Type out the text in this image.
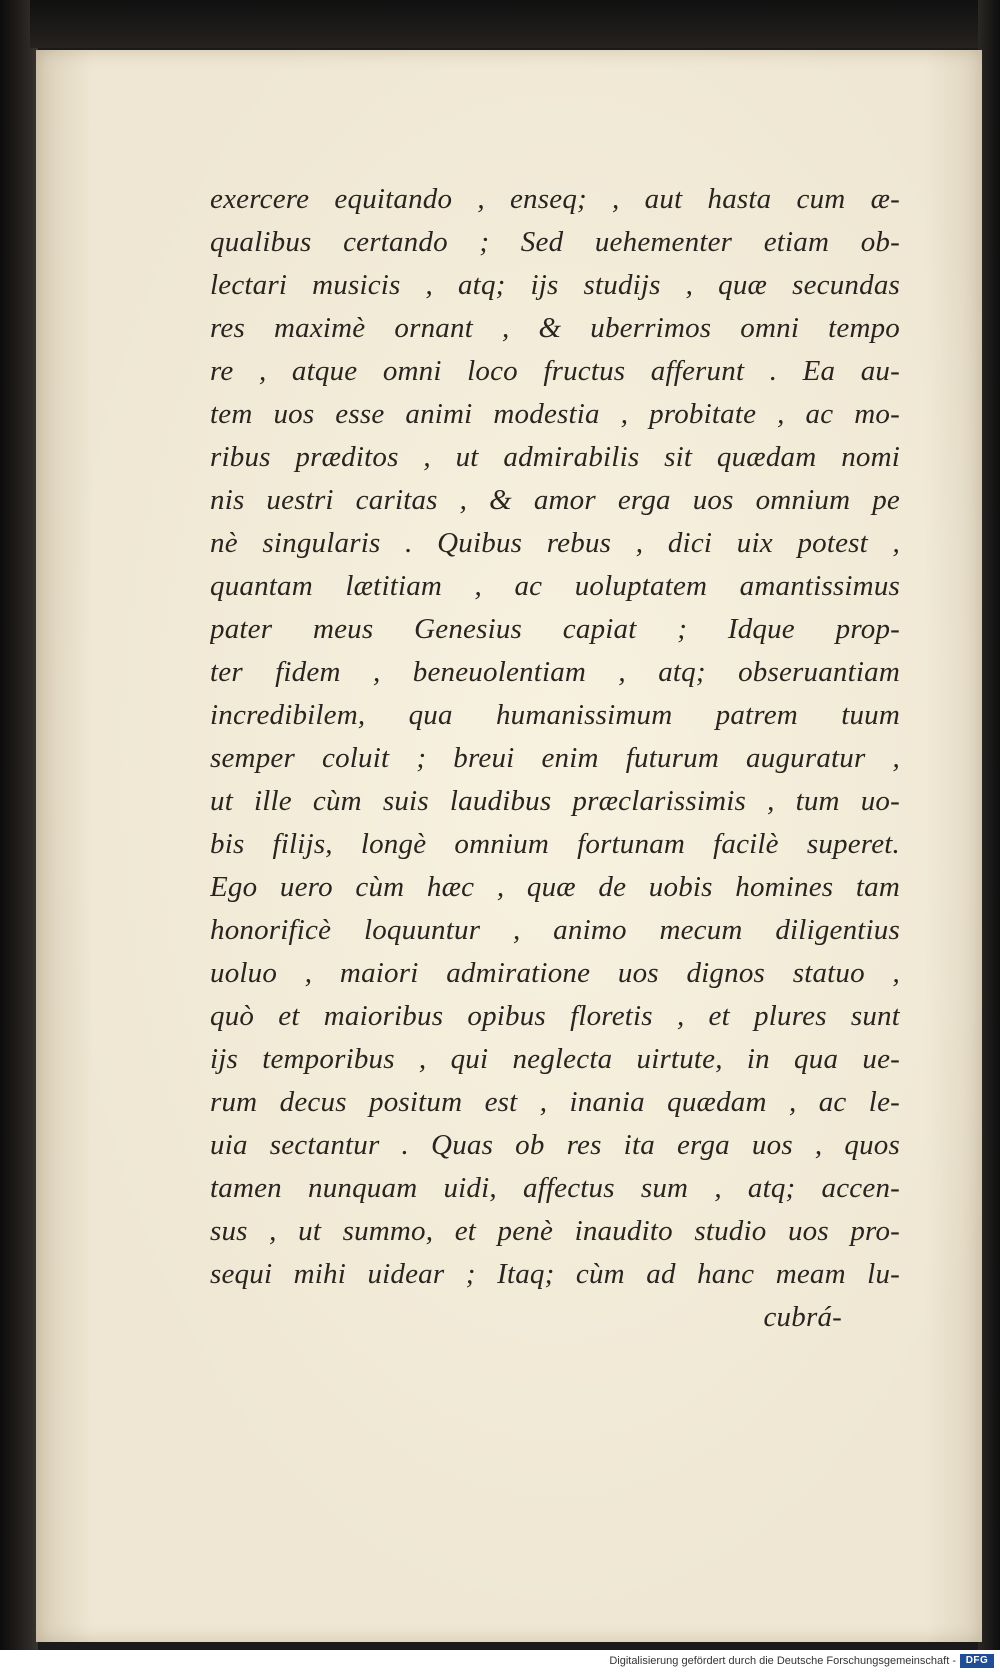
exercere equitando , enseq; , aut hasta cum æ-
qualibus certando ; Sed uehementer etiam ob-
lectari musicis , atq; ijs studijs , quæ secundas
res maximè ornant , & uberrimos omni tempo
re , atque omni loco fructus afferunt . Ea au-
tem uos esse animi modestia , probitate , ac mo-
ribus præditos , ut admirabilis sit quædam nomi
nis uestri caritas , & amor erga uos omnium pe
nè singularis . Quibus rebus , dici uix potest ,
quantam lætitiam , ac uoluptatem amantissimus
pater meus Genesius capiat ; Idque prop-
ter fidem , beneuolentiam , atq; obseruantiam
incredibilem, qua humanissimum patrem tuum
semper coluit ; breui enim futurum auguratur ,
ut ille cùm suis laudibus præclarissimis , tum uo-
bis filijs, longè omnium fortunam facilè superet.
Ego uero cùm hæc , quæ de uobis homines tam
honorificè loquuntur , animo mecum diligentius
uoluo , maiori admiratione uos dignos statuo ,
quò et maioribus opibus floretis , et plures sunt
ijs temporibus , qui neglecta uirtute, in qua ue-
rum decus positum est , inania quædam , ac le-
uia sectantur . Quas ob res ita erga uos , quos
tamen nunquam uidi, affectus sum , atq; accen-
sus , ut summo, et penè inaudito studio uos pro-
sequi mihi uidear ; Itaq; cùm ad hanc meam lu-
cubrá-
Digitalisierung gefördert durch die Deutsche Forschungsgemeinschaft - DFG
